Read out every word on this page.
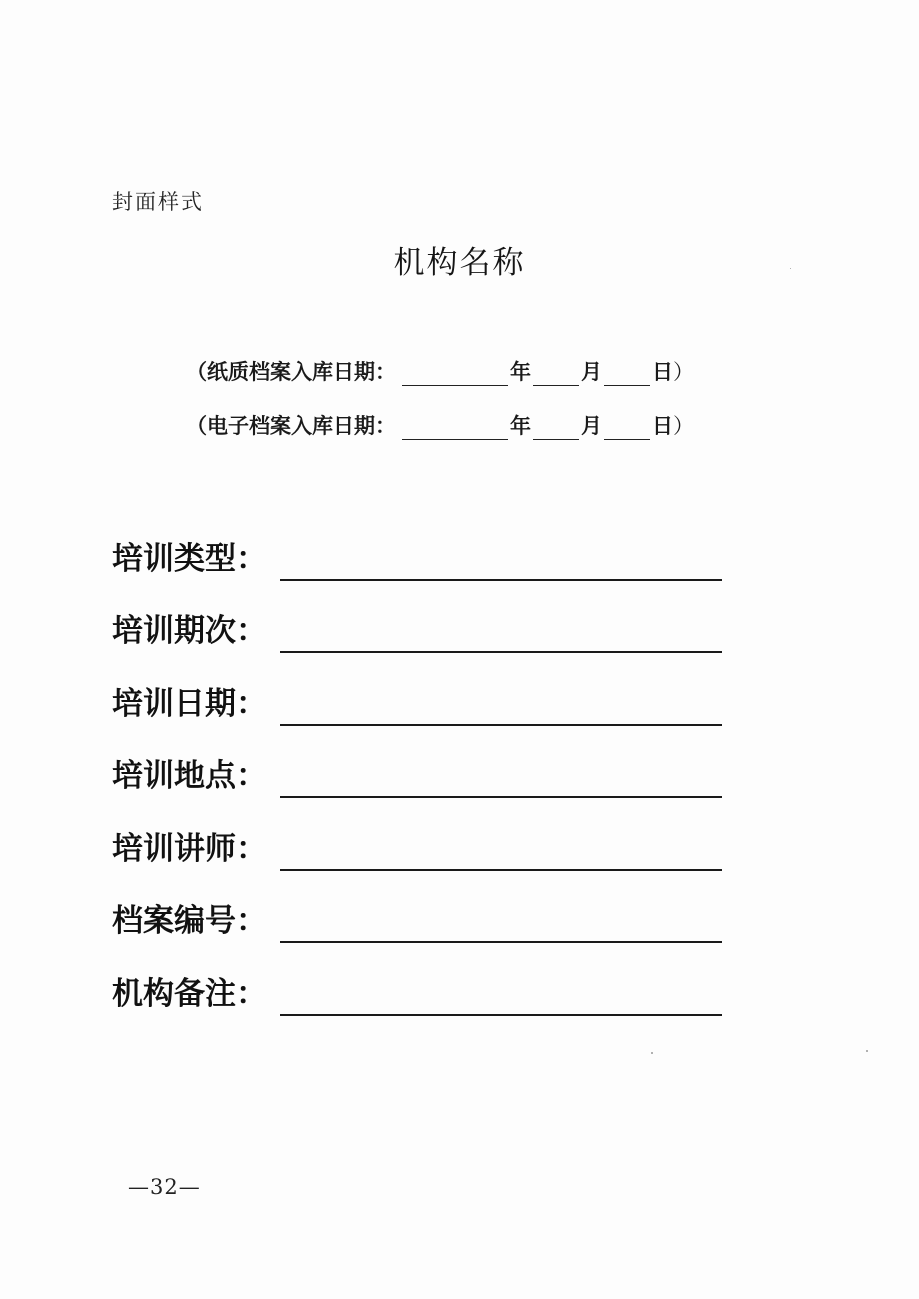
封面样式
机构名称
（纸质档案入库日期：	年 月 日 ）
（电子档案入库日期：	年 月 日 ）
培训类型：
培训期次：
培训日期：
培训地点：
培训讲师：
档案编号：
机构备注：
—32—
